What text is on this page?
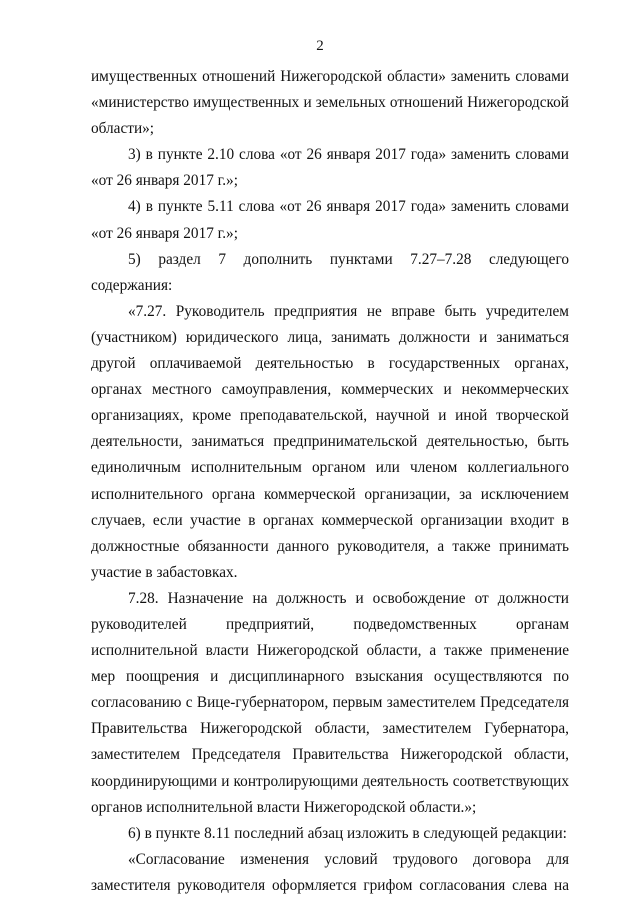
2

имущественных отношений Нижегородской области» заменить словами «министерство имущественных и земельных отношений Нижегородской области»;

3) в пункте 2.10 слова «от 26 января 2017 года» заменить словами «от 26 января 2017 г.»;

4) в пункте 5.11 слова «от 26 января 2017 года» заменить словами «от 26 января 2017 г.»;

5) раздел 7 дополнить пунктами 7.27–7.28 следующего содержания:

«7.27. Руководитель предприятия не вправе быть учредителем (участником) юридического лица, занимать должности и заниматься другой оплачиваемой деятельностью в государственных органах, органах местного самоуправления, коммерческих и некоммерческих организациях, кроме преподавательской, научной и иной творческой деятельности, заниматься предпринимательской деятельностью, быть единоличным исполнительным органом или членом коллегиального исполнительного органа коммерческой организации, за исключением случаев, если участие в органах коммерческой организации входит в должностные обязанности данного руководителя, а также принимать участие в забастовках.

7.28. Назначение на должность и освобождение от должности руководителей предприятий, подведомственных органам исполнительной власти Нижегородской области, а также применение мер поощрения и дисциплинарного взыскания осуществляются по согласованию с Вице-губернатором, первым заместителем Председателя Правительства Нижегородской области, заместителем Губернатора, заместителем Председателя Правительства Нижегородской области, координирующими и контролирующими деятельность соответствующих органов исполнительной власти Нижегородской области.»;

6) в пункте 8.11 последний абзац изложить в следующей редакции:

«Согласование изменения условий трудового договора для заместителя руководителя оформляется грифом согласования слева на
